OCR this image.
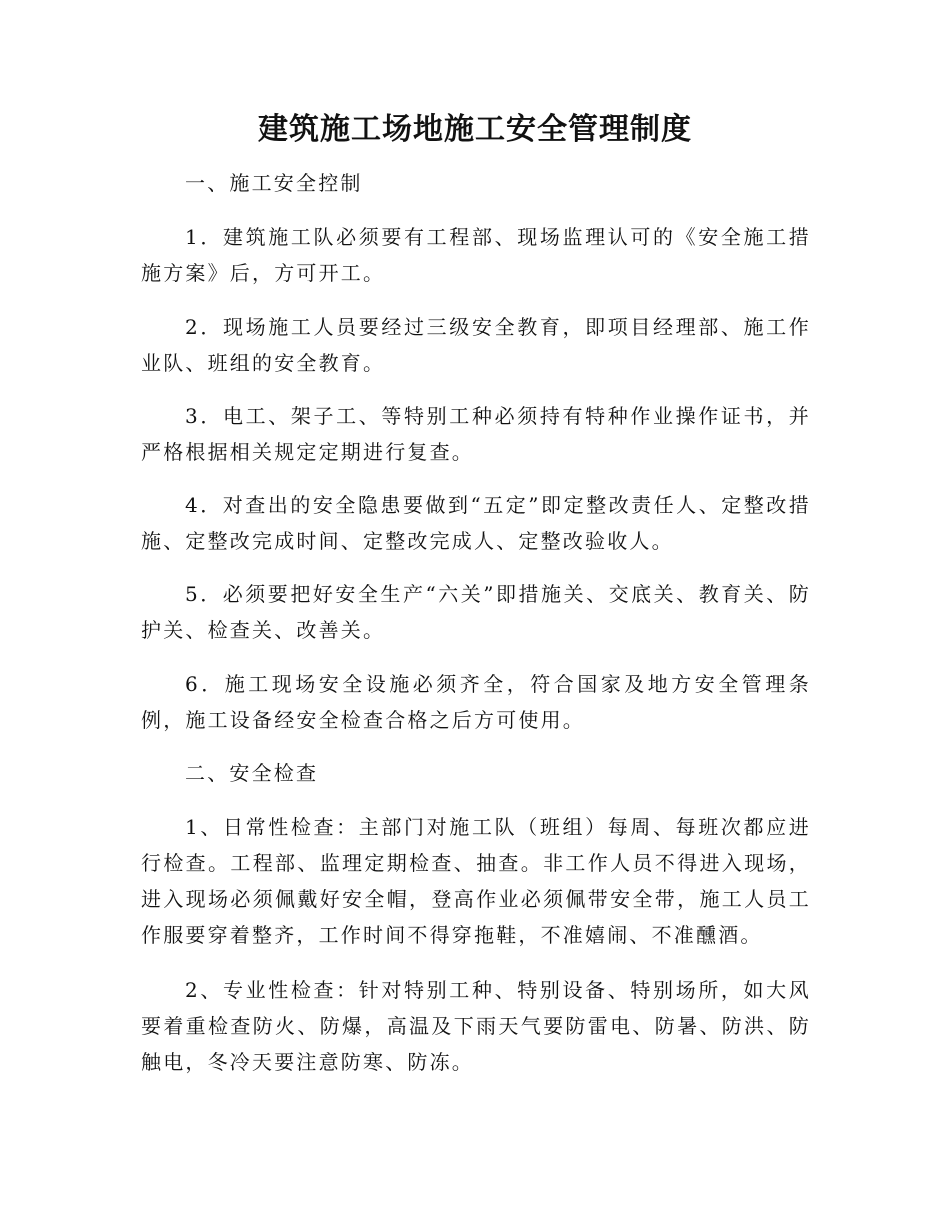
建筑施工场地施工安全管理制度

一、施工安全控制

1．建筑施工队必须要有工程部、现场监理认可的《安全施工措施方案》后，方可开工。

2．现场施工人员要经过三级安全教育，即项目经理部、施工作业队、班组的安全教育。

3．电工、架子工、等特别工种必须持有特种作业操作证书，并严格根据相关规定定期进行复查。

4．对查出的安全隐患要做到“五定”即定整改责任人、定整改措施、定整改完成时间、定整改完成人、定整改验收人。

5．必须要把好安全生产“六关”即措施关、交底关、教育关、防护关、检查关、改善关。

6．施工现场安全设施必须齐全，符合国家及地方安全管理条例，施工设备经安全检查合格之后方可使用。

二、安全检查

1、日常性检查：主部门对施工队（班组）每周、每班次都应进行检查。工程部、监理定期检查、抽查。非工作人员不得进入现场，进入现场必须佩戴好安全帽，登高作业必须佩带安全带，施工人员工作服要穿着整齐，工作时间不得穿拖鞋，不准嬉闹、不准醺酒。

2、专业性检查：针对特别工种、特别设备、特别场所，如大风要着重检查防火、防爆，高温及下雨天气要防雷电、防暑、防洪、防触电，冬冷天要注意防寒、防冻。
